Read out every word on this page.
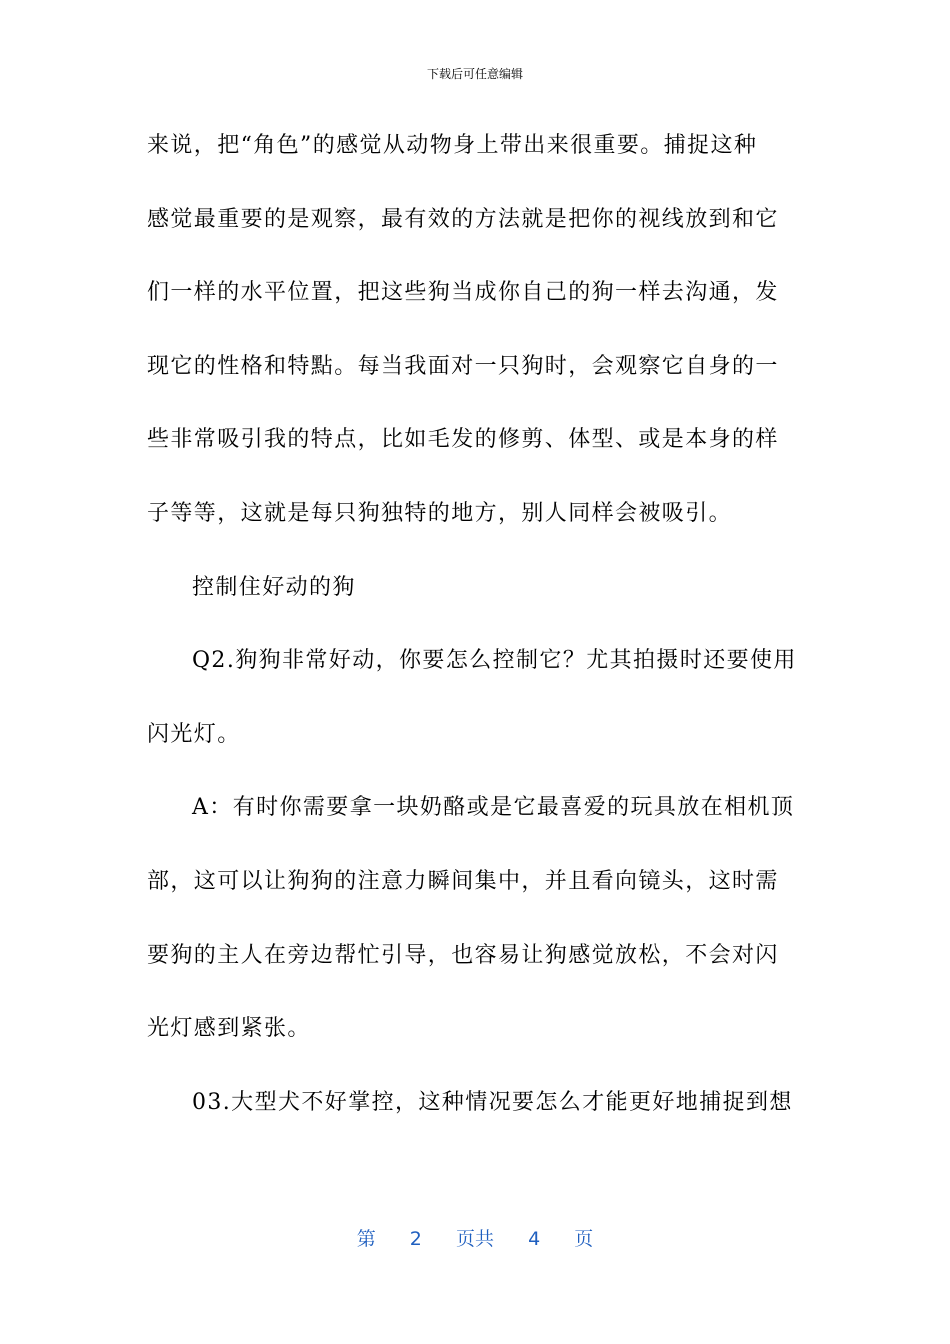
下载后可任意编辑
来说，把“角色”的感觉从动物身上带出来很重要。捕捉这种
感觉最重要的是观察，最有效的方法就是把你的视线放到和它
们一样的水平位置，把这些狗当成你自己的狗一样去沟通，发
现它的性格和特點。每当我面对一只狗时，会观察它自身的一
些非常吸引我的特点，比如毛发的修剪、体型、或是本身的样
子等等，这就是每只狗独特的地方，别人同样会被吸引。
控制住好动的狗
Q2.狗狗非常好动，你要怎么控制它？尤其拍摄时还要使用
闪光灯。
A：有时你需要拿一块奶酪或是它最喜爱的玩具放在相机顶
部，这可以让狗狗的注意力瞬间集中，并且看向镜头，这时需
要狗的主人在旁边帮忙引导，也容易让狗感觉放松，不会对闪
光灯感到紧张。
03.大型犬不好掌控，这种情况要怎么才能更好地捕捉到想
第 2 页共 4 页
